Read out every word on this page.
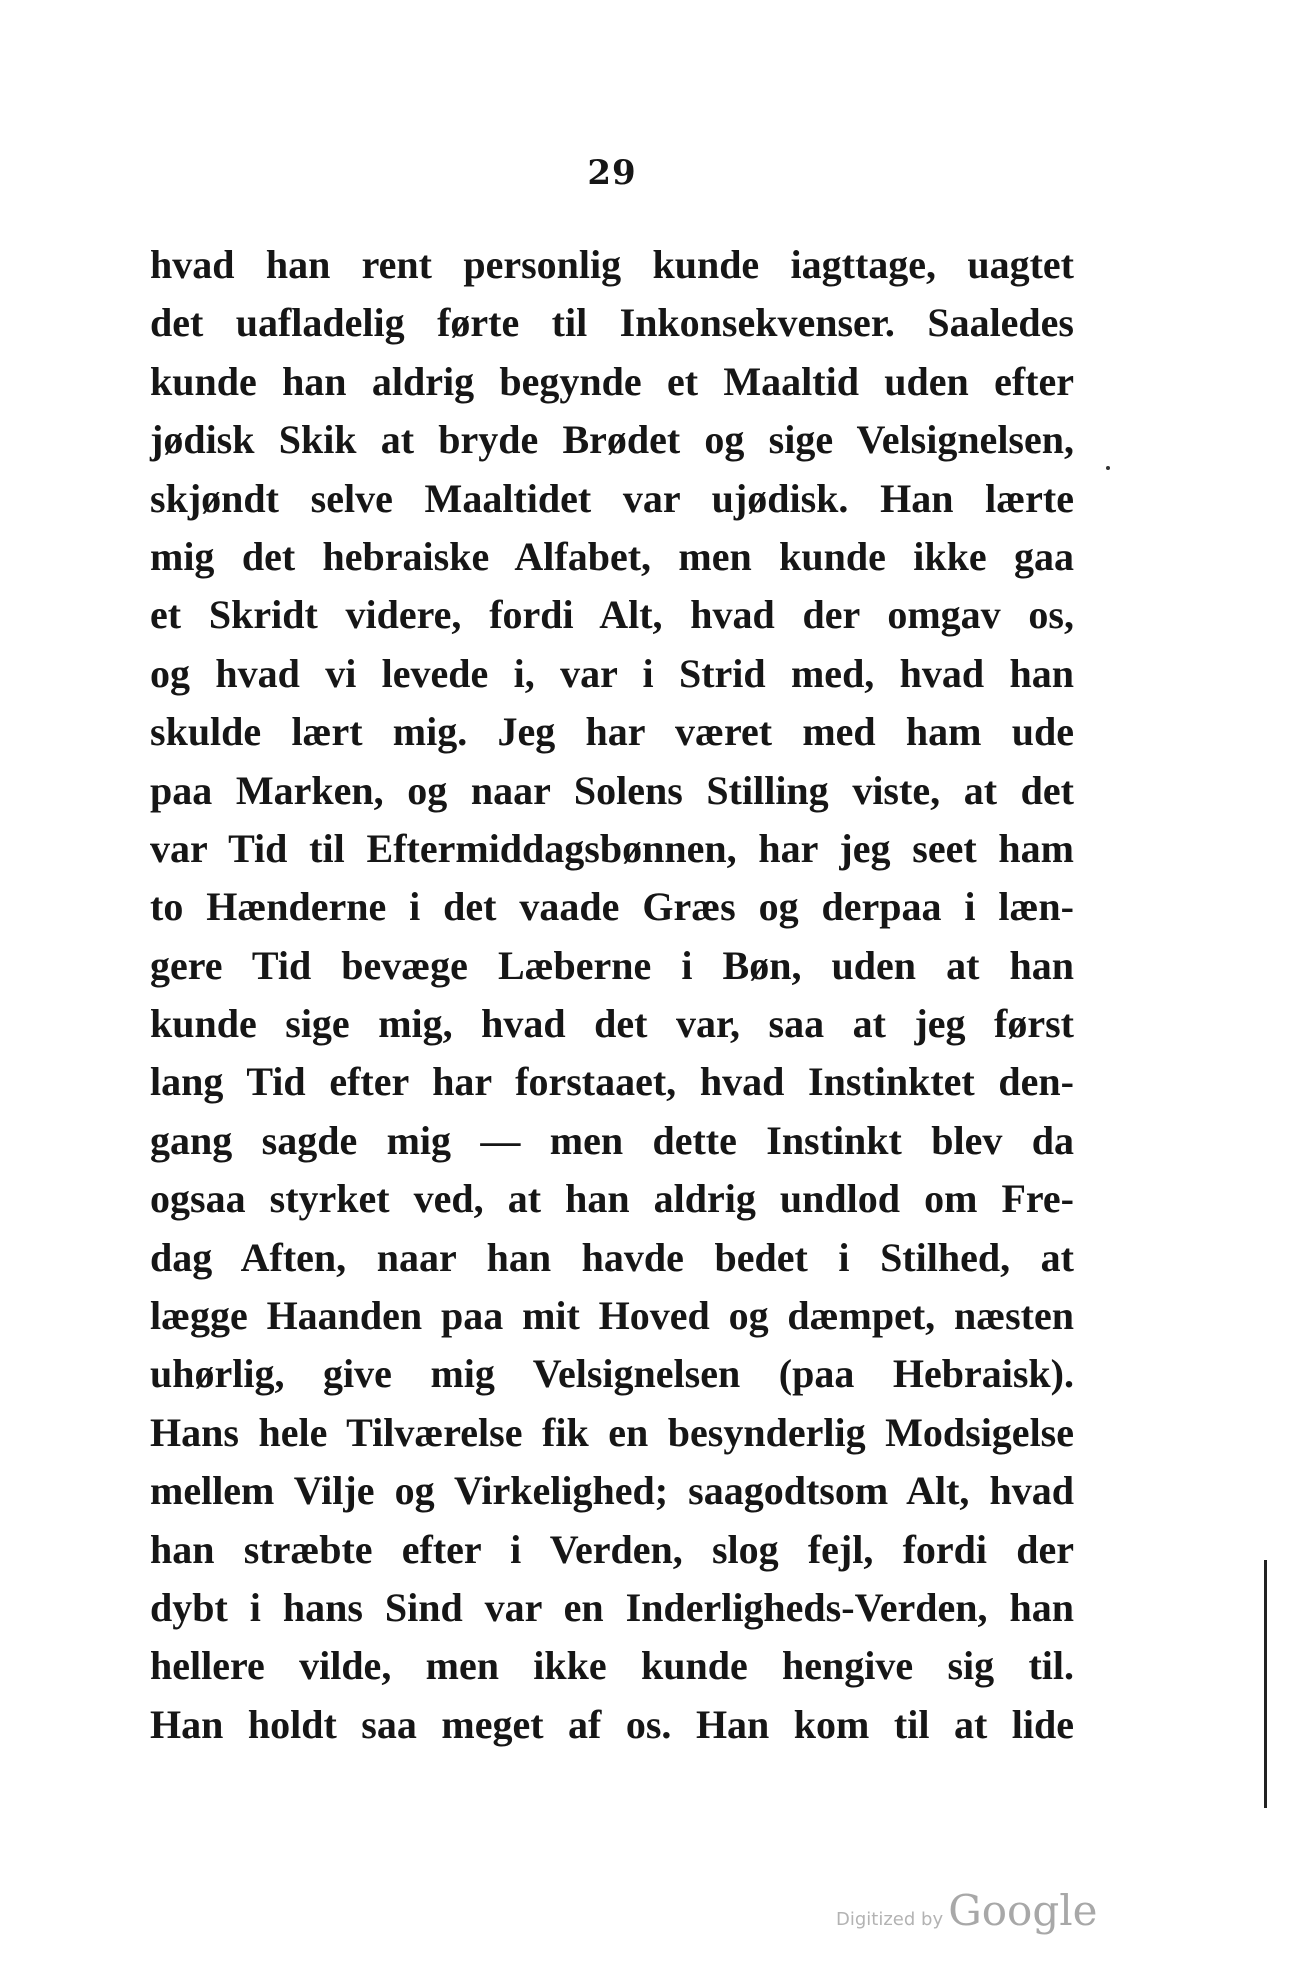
29
hvad han rent personlig kunde iagttage, uagtet
det uafladelig førte til Inkonsekvenser. Saaledes
kunde han aldrig begynde et Maaltid uden efter
jødisk Skik at bryde Brødet og sige Velsignelsen,
skjøndt selve Maaltidet var ujødisk. Han lærte
mig det hebraiske Alfabet, men kunde ikke gaa
et Skridt videre, fordi Alt, hvad der omgav os,
og hvad vi levede i, var i Strid med, hvad han
skulde lært mig. Jeg har været med ham ude
paa Marken, og naar Solens Stilling viste, at det
var Tid til Eftermiddagsbønnen, har jeg seet ham
to Hænderne i det vaade Græs og derpaa i læn-
gere Tid bevæge Læberne i Bøn, uden at han
kunde sige mig, hvad det var, saa at jeg først
lang Tid efter har forstaaet, hvad Instinktet den-
gang sagde mig — men dette Instinkt blev da
ogsaa styrket ved, at han aldrig undlod om Fre-
dag Aften, naar han havde bedet i Stilhed, at
lægge Haanden paa mit Hoved og dæmpet, næsten
uhørlig, give mig Velsignelsen (paa Hebraisk).
Hans hele Tilværelse fik en besynderlig Modsigelse
mellem Vilje og Virkelighed; saagodtsom Alt, hvad
han stræbte efter i Verden, slog fejl, fordi der
dybt i hans Sind var en Inderligheds-Verden, han
hellere vilde, men ikke kunde hengive sig til.
Han holdt saa meget af os. Han kom til at lide
Digitized by Google
